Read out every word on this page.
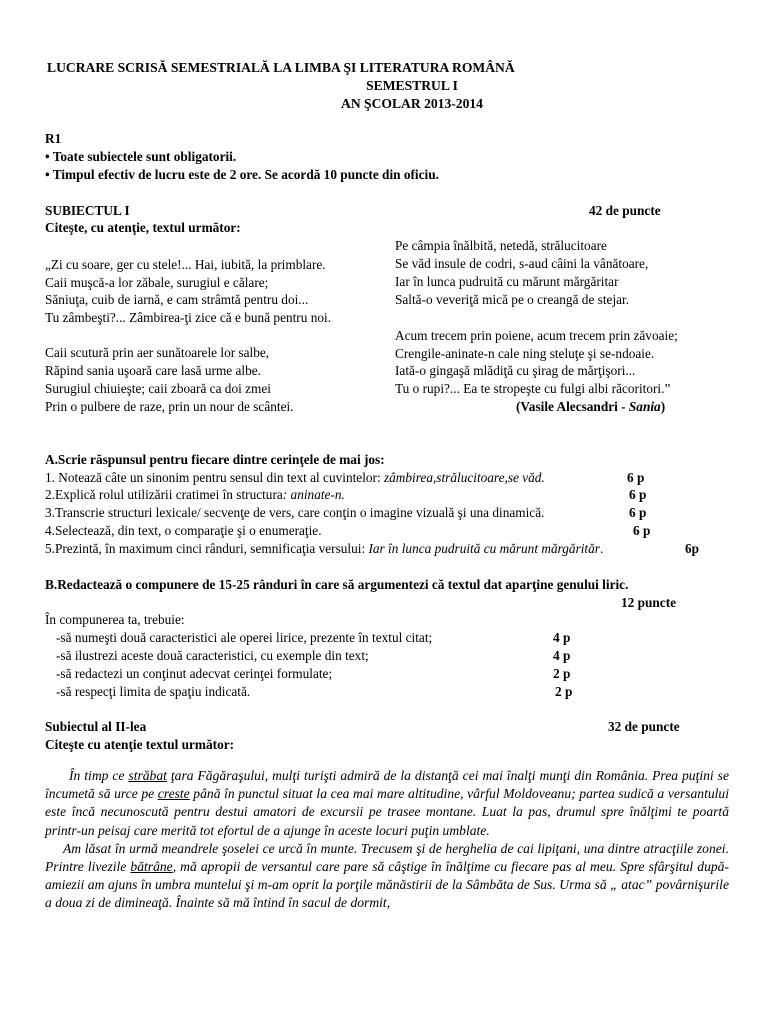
LUCRARE SCRISĂ SEMESTRIALĂ LA LIMBA ŞI LITERATURA ROMÂNĂ
SEMESTRUL I
AN ŞCOLAR 2013-2014
R1
• Toate subiectele sunt obligatorii.
• Timpul efectiv de lucru este de 2 ore. Se acordă 10 puncte din oficiu.
SUBIECTUL I	42 de puncte
Citeşte, cu atenţie, textul următor:
„Zi cu soare, ger cu stele!... Hai, iubită, la primblare.
Caii muşcă-a lor zăbale, surugiul e călare;
Săniuţa, cuib de iarnă, e cam strâmtă pentru doi...
Tu zâmbeşti?... Zâmbirea-ţi zice că e bună pentru noi.
Caii scutură prin aer sunătoarele lor salbe,
Răpind sania uşoară care lasă urme albe.
Surugiul chiuieşte; caii zboară ca doi zmei
Prin o pulbere de raze, prin un nour de scântei.
Pe câmpia înălbită, netedă, strălucitoare
Se văd insule de codri, s-aud câini la vânătoare,
Iar în lunca pudruită cu mărunt mărgăritar
Saltă-o veveriţă mică pe o creangă de stejar.
Acum trecem prin poiene, acum trecem prin zăvoaie;
Crengile-aninate-n cale ning steluţe şi se-ndoaie.
Iată-o gingaşă mlădiţă cu şirag de mărţişori...
Tu o rupi?... Ea te stropeşte cu fulgi albi răcoritori.”
(Vasile Alecsandri - Sania)
A.Scrie răspunsul pentru fiecare dintre cerinţele de mai jos:
1. Notează câte un sinonim pentru sensul din text al cuvintelor: zâmbirea,strălucitoare,se văd.	6 p
2.Explică rolul utilizării cratimei în structura: aninate-n.	6 p
3.Transcrie structuri lexicale/ secvenţe de vers, care conţin o imagine vizuală şi una dinamică.	6 p
4.Selectează, din text, o comparaţie şi o enumeraţie.	6 p
5.Prezintă, în maximum cinci rânduri, semnificaţia versului: Iar în lunca pudruită cu mărunt mărgărităr.	6p
B.Redactează o compunere de 15-25 rânduri în care să argumentezi că textul dat aparţine genului liric.
12 puncte
În compunerea ta, trebuie:
-să numeşti două caracteristici ale operei lirice, prezente în textul citat;	4 p
-să ilustrezi aceste două caracteristici, cu exemple din text;	4 p
-să redactezi un conţinut adecvat cerinţei formulate;	2 p
-să respecţi limita de spaţiu indicată.	2 p
Subiectul al II-lea	32 de puncte
Citeşte cu atenţie textul următor:

În timp ce străbat ţara Făgăraşului, mulţi turişti admiră de la distanţă cei mai înalţi munţi din România. Prea puţini se încumetă să urce pe creste până în punctul situat la cea mai mare altitudine, vârful Moldoveanu; partea sudică a versantului este încă necunoscută pentru destui amatori de excursii pe trasee montane. Luat la pas, drumul spre înălţimi te poartă printr-un peisaj care merită tot efortul de a ajunge în aceste locuri puţin umblate.

Am lăsat în urmă meandrele şoselei ce urcă în munte. Trecusem şi de herghelia de cai lipiţani, una dintre atracţiile zonei. Printre livezile bătrâne, mă apropii de versantul care pare să câştige în înălţime cu fiecare pas al meu. Spre sfârşitul după-amiezii am ajuns în umbra muntelui şi m-am oprit la porţile mănăstirii de la Sâmbăta de Sus. Urma să „ atac” povârnişurile a doua zi de dimineaţă. Înainte să mă întind în sacul de dormit,
